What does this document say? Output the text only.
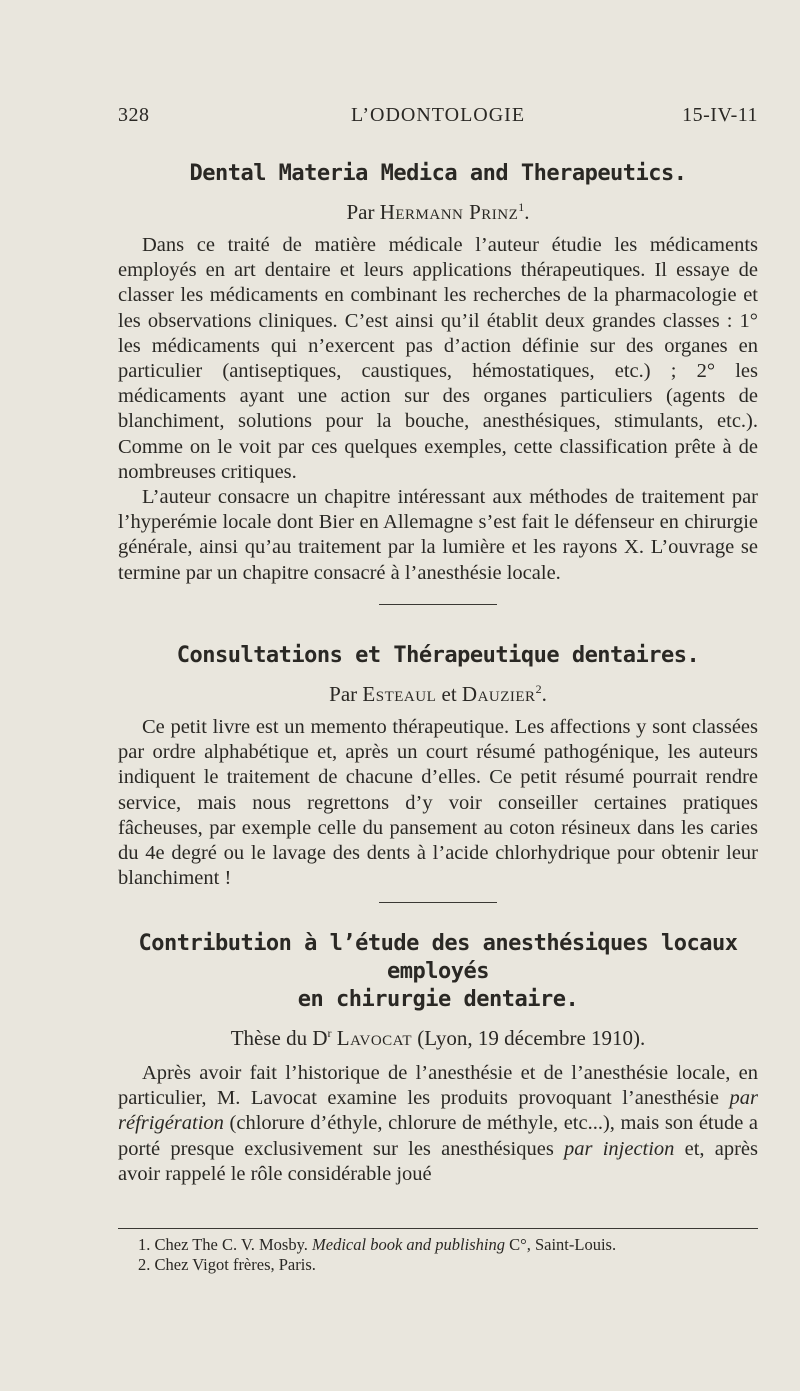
328	L’ODONTOLOGIE	15-IV-11
Dental Materia Medica and Therapeutics.
Par Hermann Prinz$^1$.

Dans ce traité de matière médicale l’auteur étudie les médicaments employés en art dentaire et leurs applications thérapeutiques. Il essaye de classer les médicaments en combinant les recherches de la pharmacologie et les observations cliniques. C’est ainsi qu’il établit deux grandes classes : 1° les médicaments qui n’exercent pas d’action définie sur des organes en particulier (antiseptiques, caustiques, hémostatiques, etc.) ; 2° les médicaments ayant une action sur des organes particuliers (agents de blanchiment, solutions pour la bouche, anesthésiques, stimulants, etc.). Comme on le voit par ces quelques exemples, cette classification prête à de nombreuses critiques.

L’auteur consacre un chapitre intéressant aux méthodes de traitement par l’hyperémie locale dont Bier en Allemagne s’est fait le défenseur en chirurgie générale, ainsi qu’au traitement par la lumière et les rayons X. L’ouvrage se termine par un chapitre consacré à l’anesthésie locale.

Consultations et Thérapeutique dentaires.
Par Esteaul et Dauzier$^2$.

Ce petit livre est un memento thérapeutique. Les affections y sont classées par ordre alphabétique et, après un court résumé pathogénique, les auteurs indiquent le traitement de chacune d’elles. Ce petit résumé pourrait rendre service, mais nous regrettons d’y voir conseiller certaines pratiques fâcheuses, par exemple celle du pansement au coton résineux dans les caries du 4e degré ou le lavage des dents à l’acide chlorhydrique pour obtenir leur blanchiment !

Contribution à l’étude des anesthésiques locaux employés
en chirurgie dentaire.
Thèse du $D^r$ Lavocat (Lyon, 19 décembre 1910).

Après avoir fait l’historique de l’anesthésie et de l’anesthésie locale, en particulier, M. Lavocat examine les produits provoquant l’anesthésie par réfrigération (chlorure d’éthyle, chlorure de méthyle, etc...), mais son étude a porté presque exclusivement sur les anesthésiques par injection et, après avoir rappelé le rôle considérable joué

1. Chez The C. V. Mosby. Medical book and publishing C°, Saint-Louis.
2. Chez Vigot frères, Paris.
